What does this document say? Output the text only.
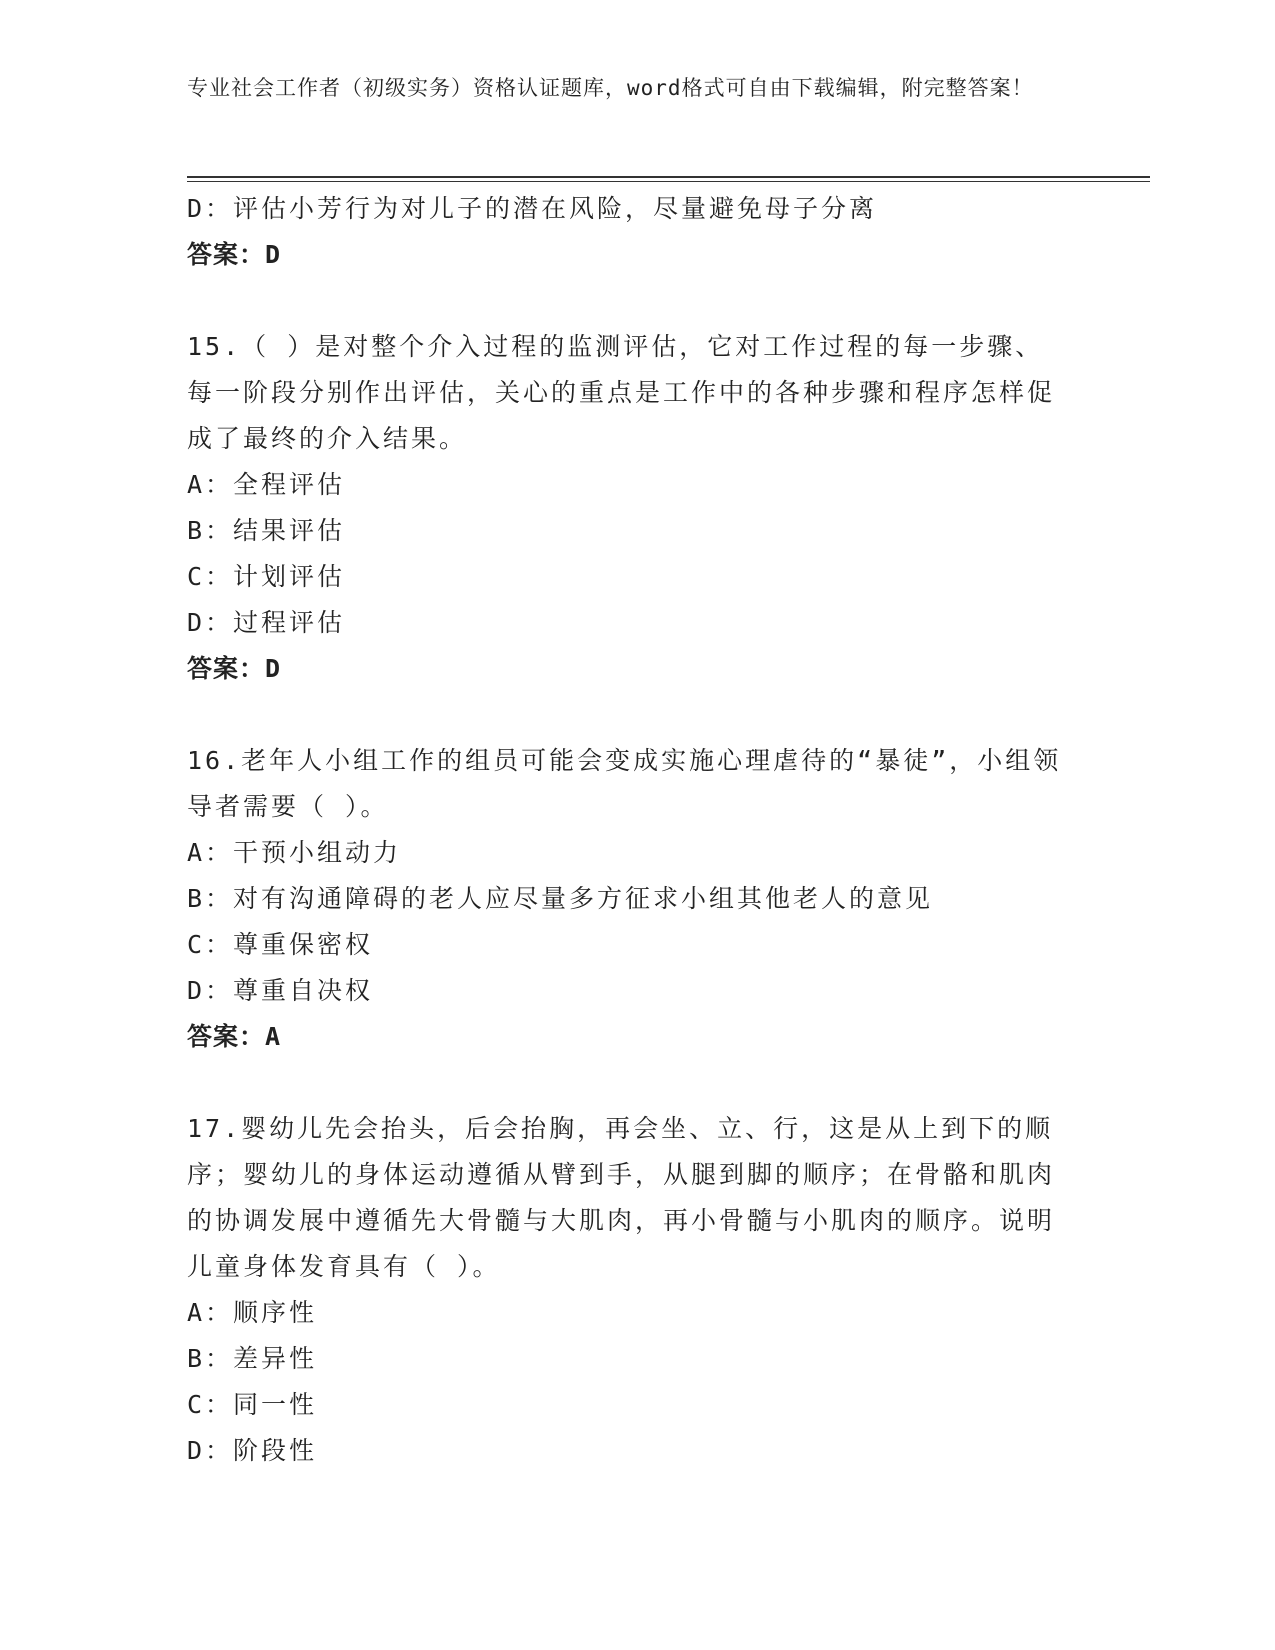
专业社会工作者（初级实务）资格认证题库，word格式可自由下载编辑，附完整答案！

D：评估小芳行为对儿子的潜在风险，尽量避免母子分离

答案：D

15.（ ）是对整个介入过程的监测评估，它对工作过程的每一步骤、每一阶段分别作出评估，关心的重点是工作中的各种步骤和程序怎样促成了最终的介入结果。

A：全程评估

B：结果评估

C：计划评估

D：过程评估

答案：D

16.老年人小组工作的组员可能会变成实施心理虐待的“暴徒”，小组领导者需要（ ）。

A：干预小组动力

B：对有沟通障碍的老人应尽量多方征求小组其他老人的意见

C：尊重保密权

D：尊重自决权

答案：A

17.婴幼儿先会抬头，后会抬胸，再会坐、立、行，这是从上到下的顺序；婴幼儿的身体运动遵循从臂到手，从腿到脚的顺序；在骨骼和肌肉的协调发展中遵循先大骨髓与大肌肉，再小骨髓与小肌肉的顺序。说明儿童身体发育具有（ ）。

A：顺序性

B：差异性

C：同一性

D：阶段性
